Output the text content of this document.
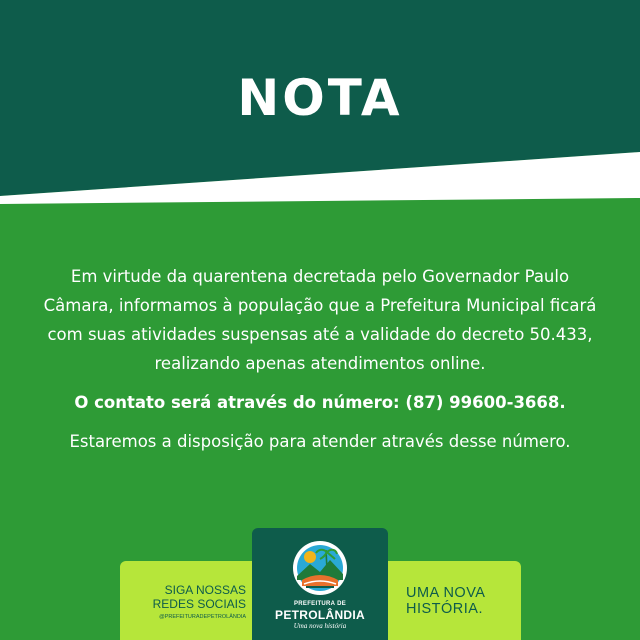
NOTA

Em virtude da quarentena decretada pelo Governador Paulo Câmara, informamos à população que a Prefeitura Municipal ficará com suas atividades suspensas até a validade do decreto 50.433, realizando apenas atendimentos online.

O contato será através do número: (87) 99600-3668.

Estaremos a disposição para atender através desse número.

SIGA NOSSAS
REDES SOCIAIS
@PREFEITURADEPETROLÂNDIA
PREFEITURA DE
PETROLÂNDIA
Uma nova história
UMA NOVA HISTÓRIA.
